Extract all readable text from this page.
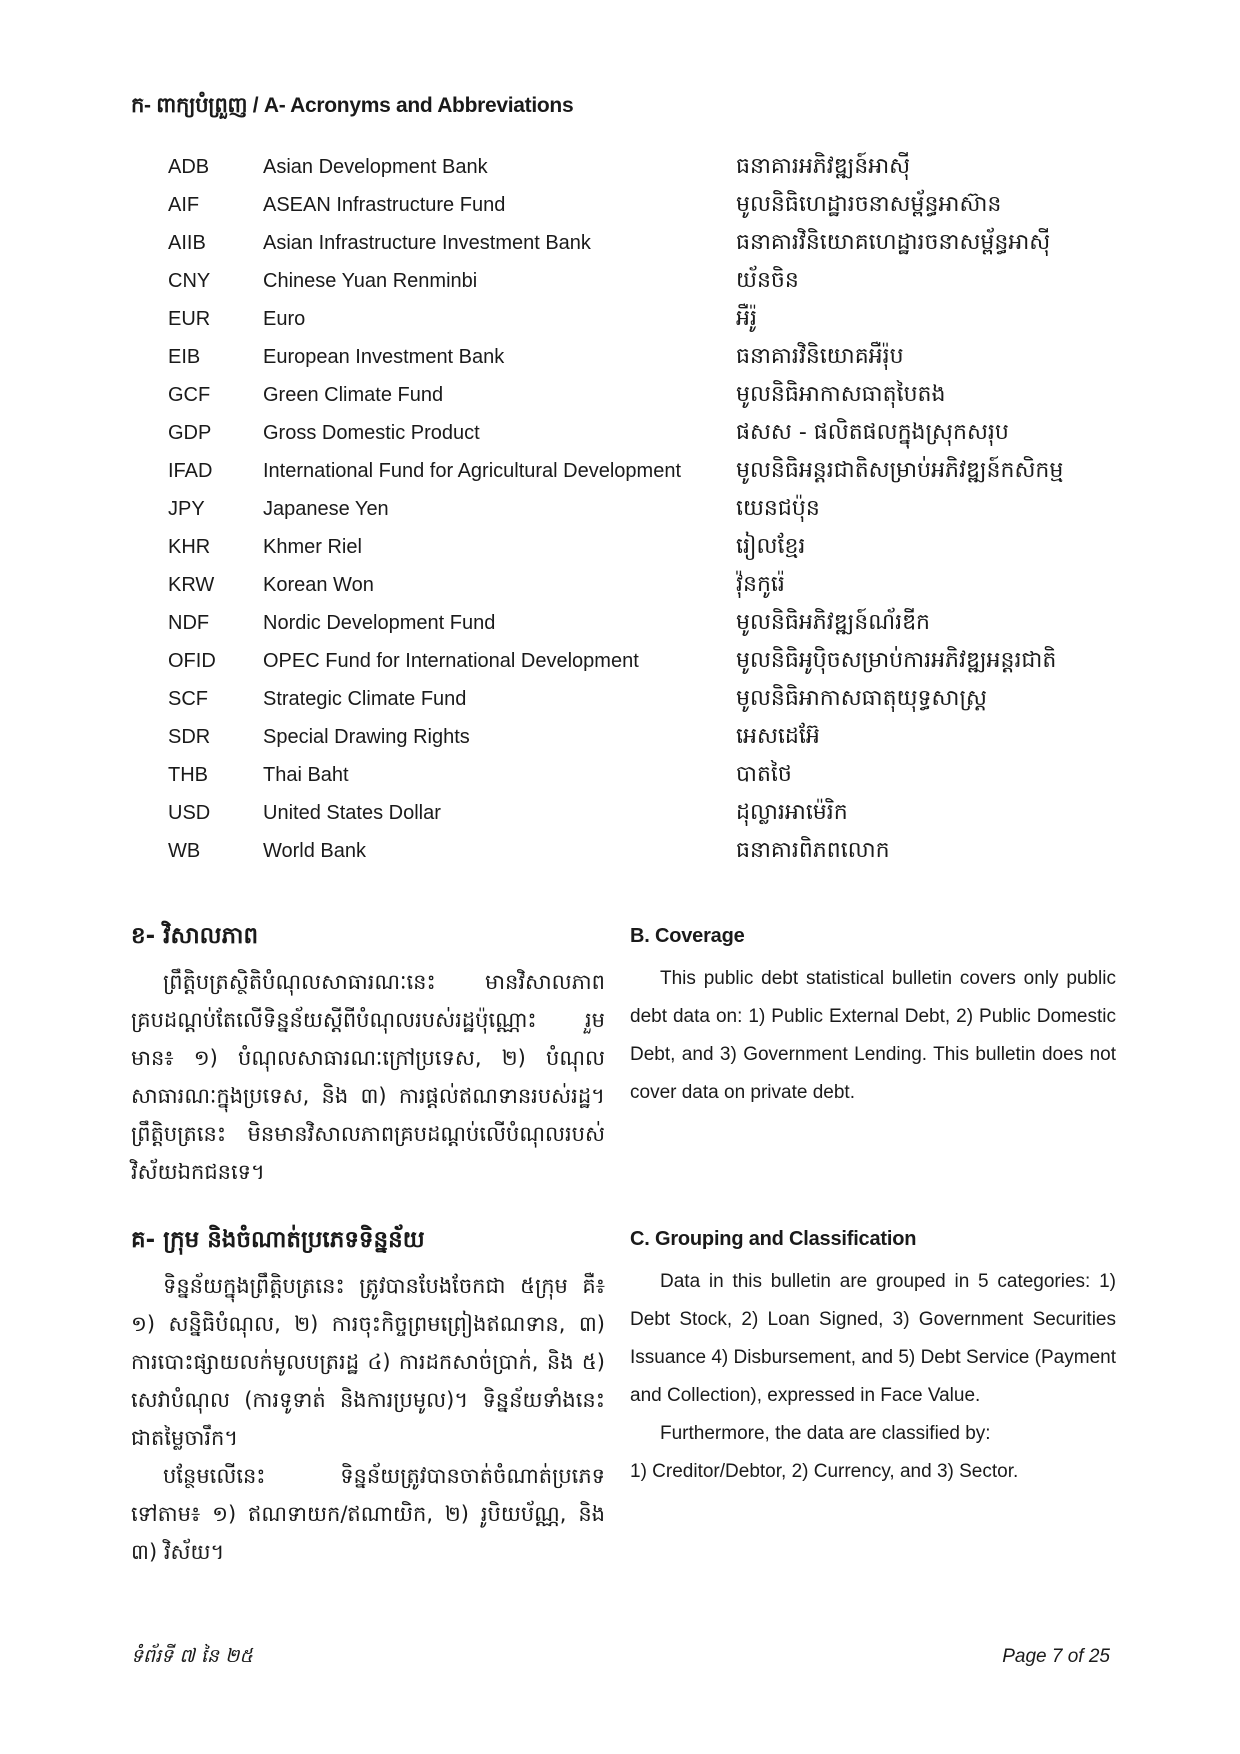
ក- ពាក្យបំព្រួញ / A- Acronyms and Abbreviations
ADB	Asian Development Bank	ធនាគារអភិវឌ្ឍន៍អាស៊ី
AIF	ASEAN Infrastructure Fund	មូលនិធិហេដ្ឋារចនាសម្ព័ន្ធអាស៊ាន
AIIB	Asian Infrastructure Investment Bank	ធនាគារវិនិយោគហេដ្ឋារចនាសម្ព័ន្ធអាស៊ី
CNY	Chinese Yuan Renminbi	យ័នចិន
EUR	Euro	អឺរ៉ូ
EIB	European Investment Bank	ធនាគារវិនិយោគអឺរ៉ុប
GCF	Green Climate Fund	មូលនិធិអាកាសធាតុបៃតង
GDP	Gross Domestic Product	ផសស - ផលិតផលក្នុងស្រុកសរុប
IFAD	International Fund for Agricultural Development មូលនិធិអន្តរជាតិសម្រាប់អភិវឌ្ឍន៍កសិកម្ម
JPY	Japanese Yen	យេនជប៉ុន
KHR	Khmer Riel	រៀលខ្មែរ
KRW Korean Won	វ៉ុនកូរ៉េ
NDF	Nordic Development Fund	មូលនិធិអភិវឌ្ឍន៍ណ័រឌីក
OFID OPEC Fund for International Development	មូលនិធិអូប៉ិចសម្រាប់ការអភិវឌ្ឍអន្តរជាតិ
SCF	Strategic Climate Fund	មូលនិធិអាកាសធាតុយុទ្ធសាស្ត្រ
SDR	Special Drawing Rights	អេសដេអ៊ែ
THB	Thai Baht	បាតថៃ
USD	United States Dollar	ដុល្លារអាម៉េរិក
WB	World Bank	ធនាគារពិភពលោក
ខ- វិសាលភាព

ព្រឹត្តិបត្រស្ថិតិបំណុលសាធារណៈនេះ មានវិសាលភាពគ្របដណ្តប់តែលើទិន្នន័យស្តីពីបំណុលរបស់រដ្ឋប៉ុណ្ណោះ រួមមាន៖ ១) បំណុលសាធារណៈក្រៅប្រទេស, ២) បំណុលសាធារណៈក្នុងប្រទេស, និង ៣) ការផ្តល់ឥណទានរបស់រដ្ឋ។ ព្រឹត្តិបត្រនេះ មិនមានវិសាលភាពគ្របដណ្តប់លើបំណុលរបស់វិស័យឯកជនទេ។

B. Coverage

This public debt statistical bulletin covers only public debt data on: 1) Public External Debt, 2) Public Domestic Debt, and 3) Government Lending. This bulletin does not cover data on private debt.

គ- ក្រុម និងចំណាត់ប្រភេទទិន្នន័យ

ទិន្នន័យក្នុងព្រឹត្តិបត្រនេះ ត្រូវបានបែងចែកជា ៥ក្រុម គឺ៖ ១) សន្និធិបំណុល, ២) ការចុះកិច្ចព្រមព្រៀងឥណទាន, ៣) ការបោះផ្សាយលក់មូលបត្ររដ្ឋ ៤) ការដកសាច់ប្រាក់, និង ៥) សេវាបំណុល (ការទូទាត់ និងការប្រមូល)។ ទិន្នន័យទាំងនេះ ជាតម្លៃចារឹក។

បន្ថែមលើនេះ ទិន្នន័យត្រូវបានចាត់ចំណាត់ប្រភេទទៅតាម៖ ១) ឥណទាយក/ឥណាយិក, ២) រូបិយប័ណ្ណ, និង ៣) វិស័យ។

C. Grouping and Classification

Data in this bulletin are grouped in 5 categories: 1) Debt Stock, 2) Loan Signed, 3) Government Securities Issuance 4) Disbursement, and 5) Debt Service (Payment and Collection), expressed in Face Value.

Furthermore, the data are classified by:

1) Creditor/Debtor, 2) Currency, and 3) Sector.

ទំព័រទី ៧ នៃ ២៥	Page 7 of 25
